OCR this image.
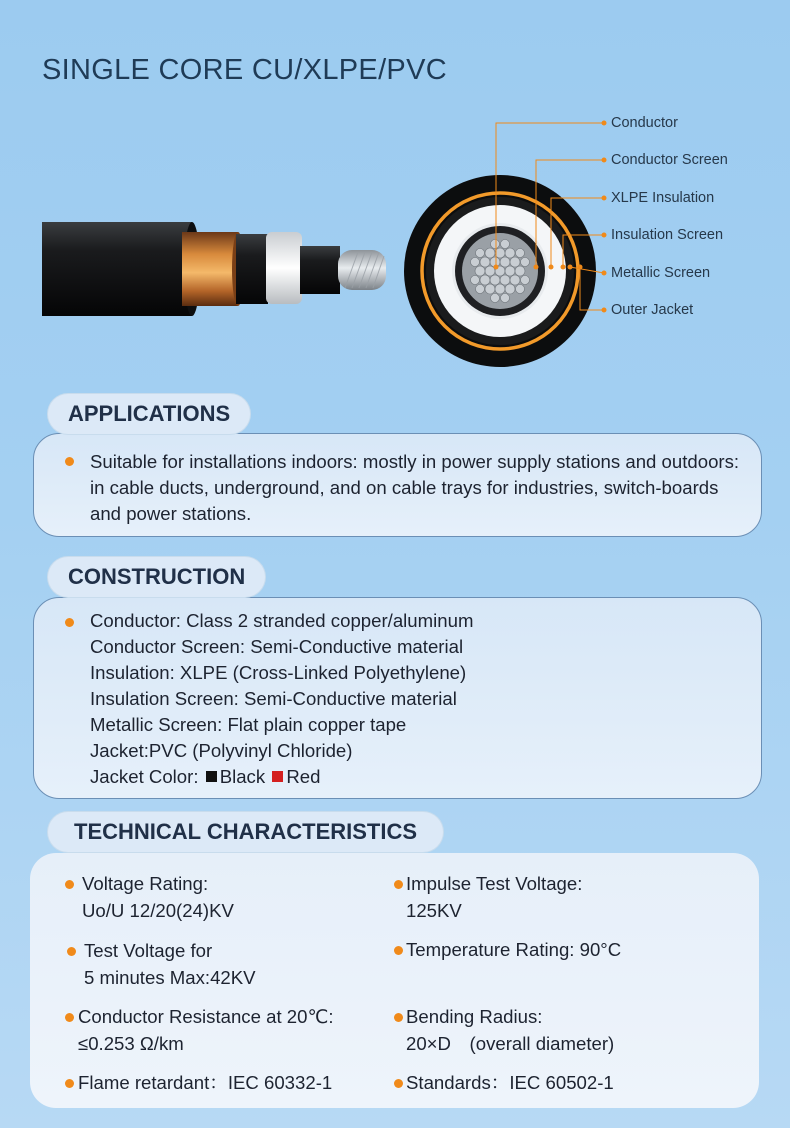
SINGLE CORE CU/XLPE/PVC
Conductor
Conductor Screen
XLPE Insulation
Insulation Screen
Metallic Screen
Outer Jacket
APPLICATIONS
Suitable for installations indoors: mostly in power supply stations and outdoors: in cable ducts, underground, and on cable trays for industries, switch-boards and power stations.
CONSTRUCTION
Conductor: Class 2 stranded copper/aluminum
Conductor Screen: Semi-Conductive material
Insulation: XLPE (Cross-Linked Polyethylene)
Insulation Screen: Semi-Conductive material
Metallic Screen: Flat plain copper tape
Jacket:PVC (Polyvinyl Chloride)
Jacket Color: Black Red
TECHNICAL CHARACTERISTICS
Voltage Rating:
Uo/U 12/20(24)KV
Impulse Test Voltage:
125KV
Test Voltage for
5 minutes Max:42KV
Temperature Rating: 90°C
Conductor Resistance at 20℃:
≤0.253 Ω/km
Bending Radius:
20×D　(overall diameter)
Flame retardant：IEC 60332-1	Standards：IEC 60502-1
